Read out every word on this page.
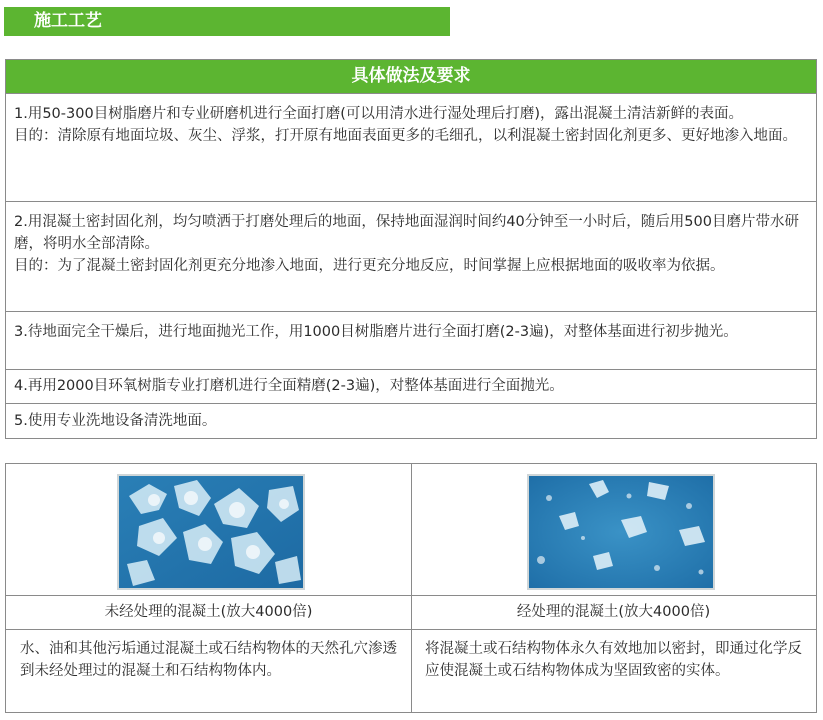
施工工艺
具体做法及要求

1.用50-300目树脂磨片和专业研磨机进行全面打磨(可以用清水进行湿处理后打磨)，露出混凝土清洁新鲜的表面。

目的：清除原有地面垃圾、灰尘、浮浆，打开原有地面表面更多的毛细孔，以利混凝土密封固化剂更多、更好地渗入地面。

2.用混凝土密封固化剂，均匀喷洒于打磨处理后的地面，保持地面湿润时间约40分钟至一小时后，随后用500目磨片带水研磨，将明水全部清除。

目的：为了混凝土密封固化剂更充分地渗入地面，进行更充分地反应，时间掌握上应根据地面的吸收率为依据。

3.待地面完全干燥后，进行地面抛光工作，用1000目树脂磨片进行全面打磨(2-3遍)，对整体基面进行初步抛光。

4.再用2000目环氧树脂专业打磨机进行全面精磨(2-3遍)，对整体基面进行全面抛光。

5.使用专业洗地设备清洗地面。

未经处理的混凝土(放大4000倍)
水、油和其他污垢通过混凝土或石结构物体的天然孔穴渗透到未经处理过的混凝土和石结构物体内。
经处理的混凝土(放大4000倍)
将混凝土或石结构物体永久有效地加以密封，即通过化学反应使混凝土或石结构物体成为坚固致密的实体。
